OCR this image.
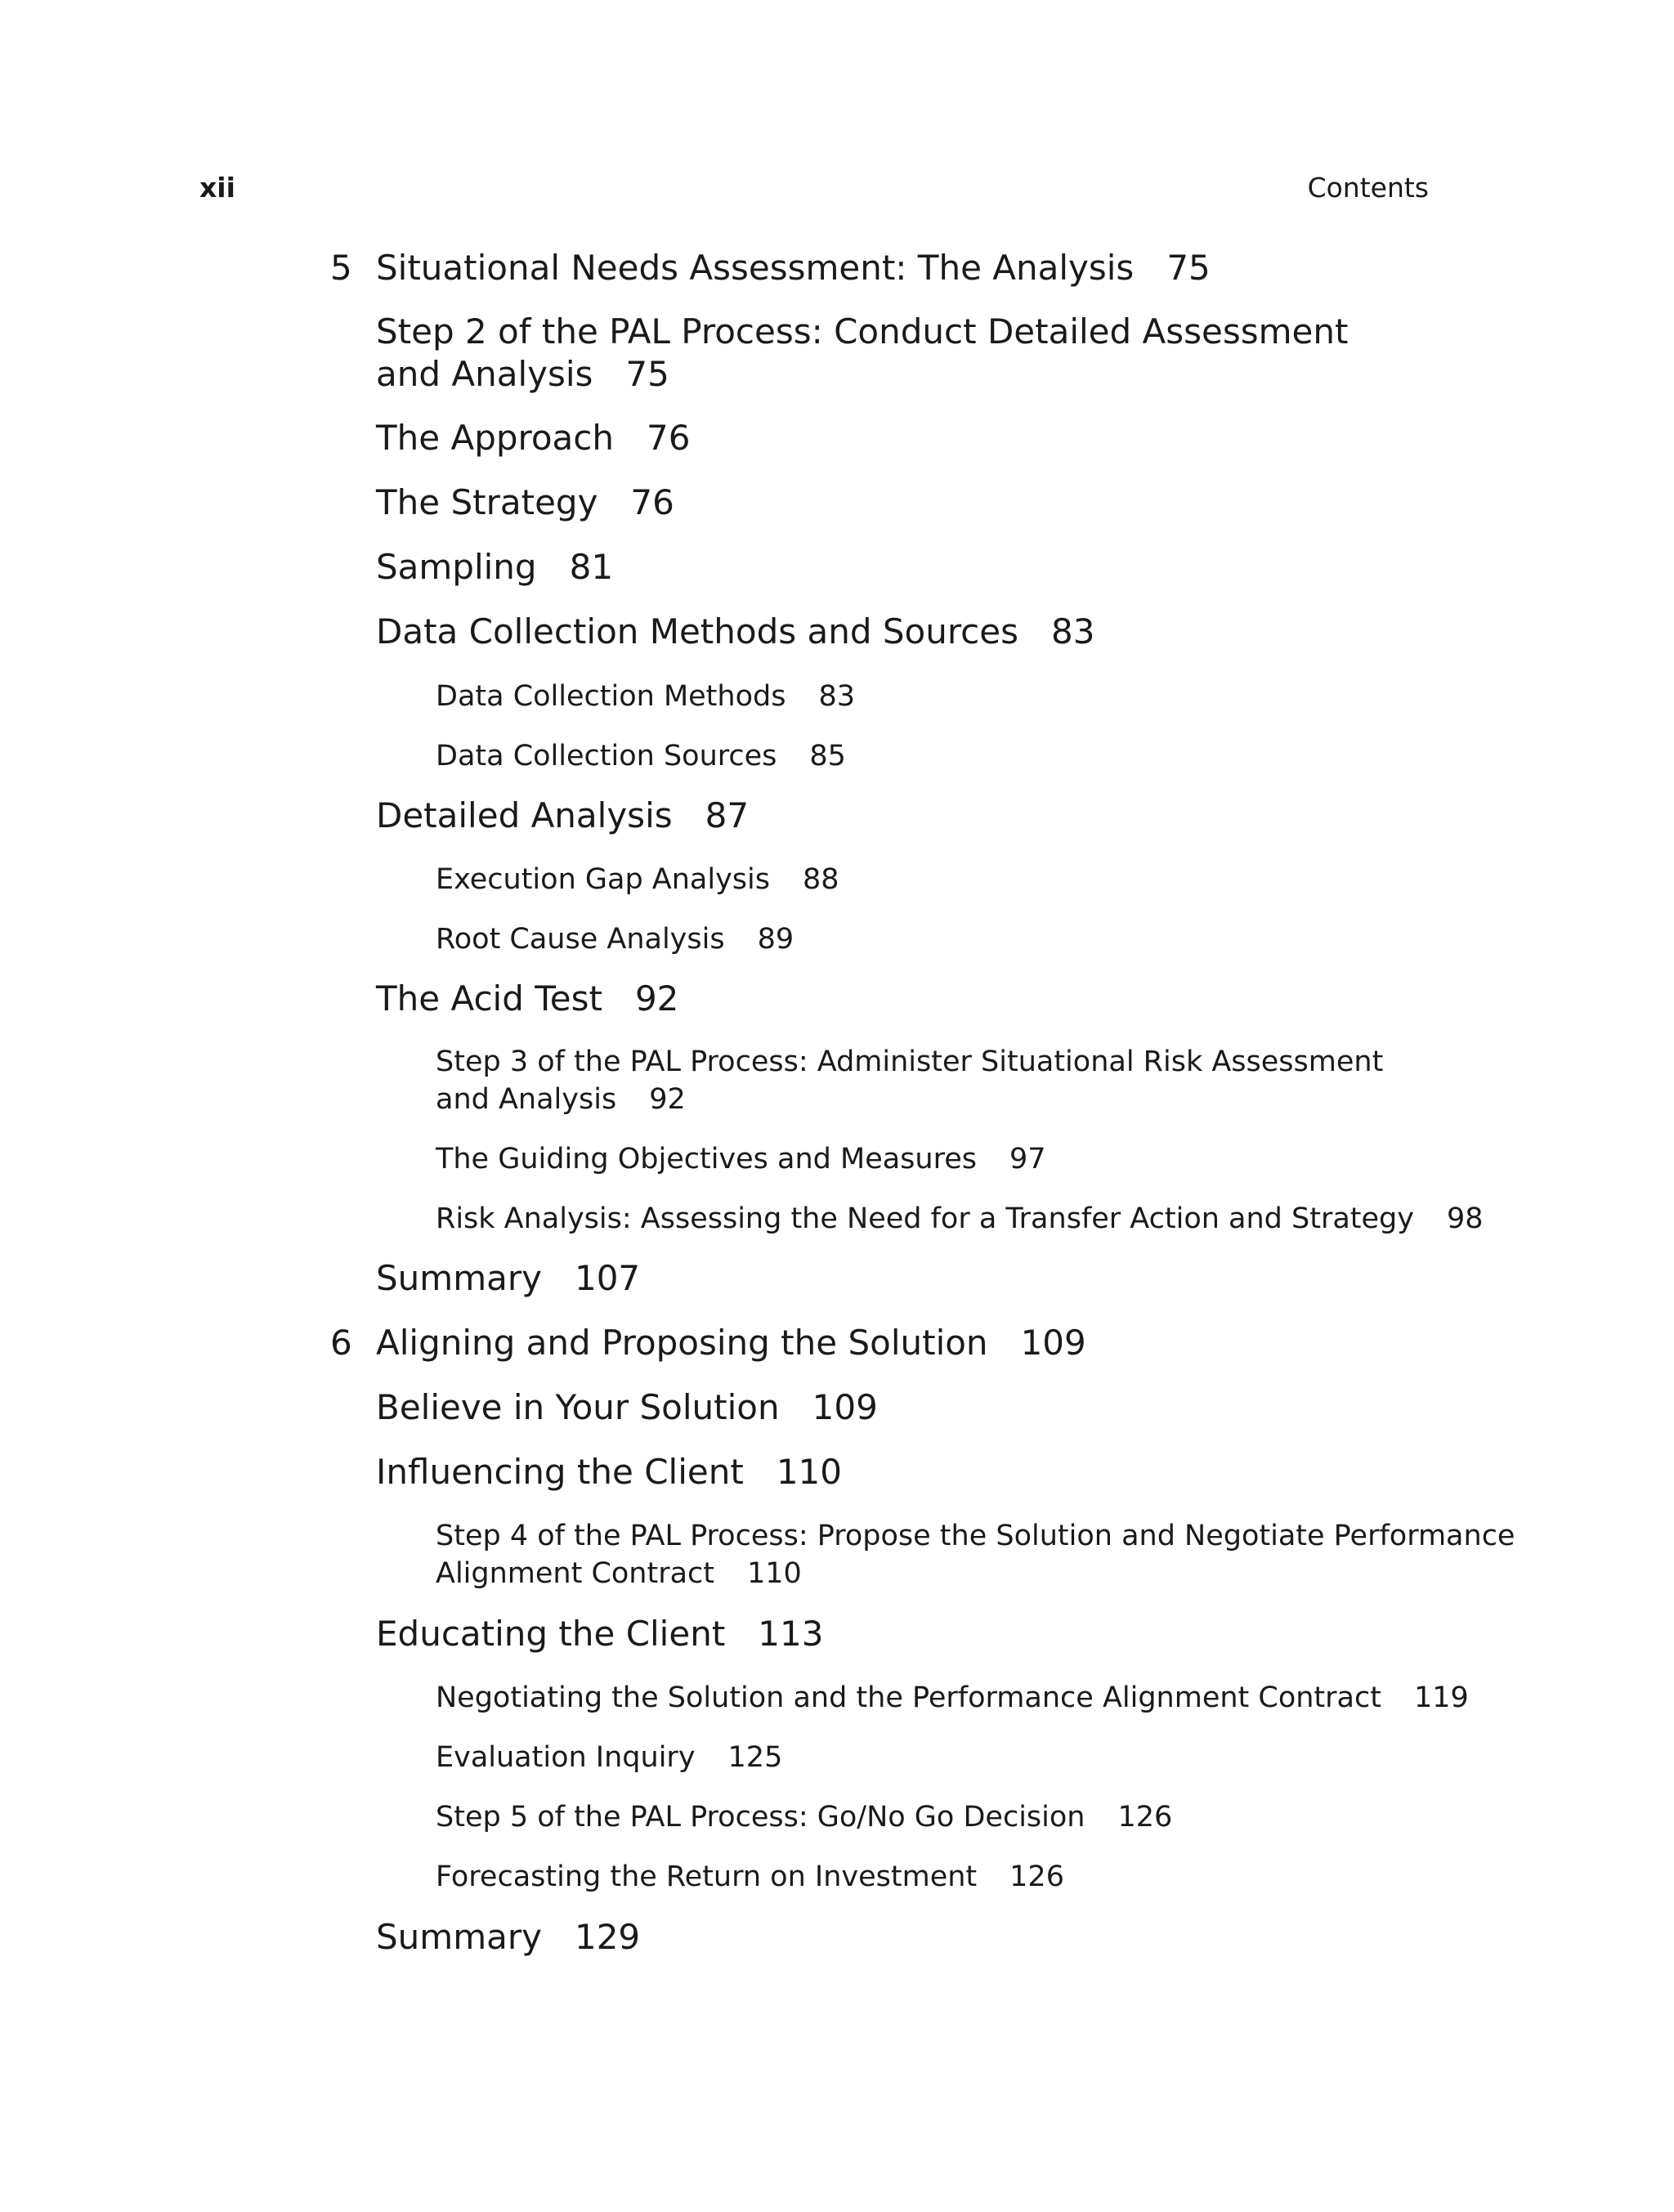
xii	Contents
5 Situational Needs Assessment: The Analysis 75
Step 2 of the PAL Process: Conduct Detailed Assessment
and Analysis 75
The Approach 76
The Strategy 76
Sampling 81
Data Collection Methods and Sources 83
Data Collection Methods 83
Data Collection Sources 85
Detailed Analysis 87
Execution Gap Analysis 88
Root Cause Analysis 89
The Acid Test 92
Step 3 of the PAL Process: Administer Situational Risk Assessment
and Analysis 92
The Guiding Objectives and Measures 97
Risk Analysis: Assessing the Need for a Transfer Action and Strategy 98
Summary 107
6 Aligning and Proposing the Solution 109
Believe in Your Solution 109
Influencing the Client 110
Step 4 of the PAL Process: Propose the Solution and Negotiate Performance
Alignment Contract 110
Educating the Client 113
Negotiating the Solution and the Performance Alignment Contract 119
Evaluation Inquiry 125
Step 5 of the PAL Process: Go/No Go Decision 126
Forecasting the Return on Investment 126
Summary 129
